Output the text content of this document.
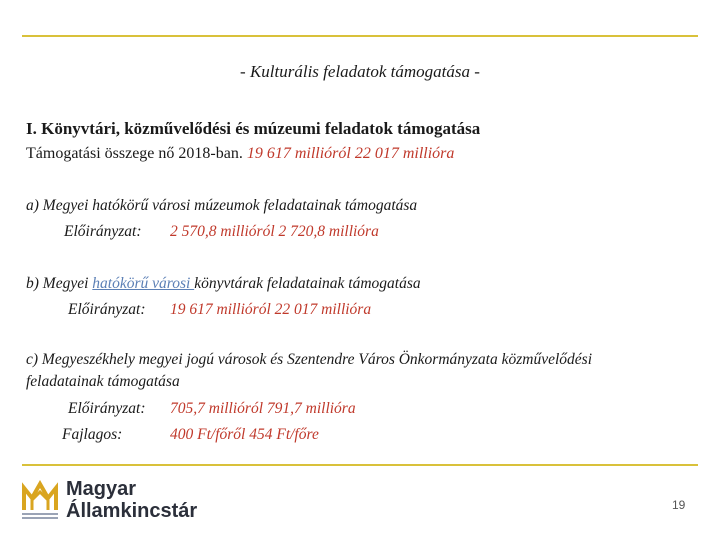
- Kulturális feladatok támogatása -
I. Könyvtári, közművelődési és múzeumi feladatok támogatása
Támogatási összege nő 2018-ban. 19 617 millióról 22 017 millióra
a) Megyei hatókörű városi múzeumok feladatainak támogatása
Előirányzat: 2 570,8 millióról 2 720,8 millióra
b) Megyei hatókörű városi könyvtárak feladatainak támogatása
Előirányzat: 19 617 millióról 22 017 millióra
c) Megyeszékhely megyei jogú városok és Szentendre Város Önkormányzata közművelődési
feladatainak támogatása
Előirányzat: 705,7 millióról 791,7 millióra
Fajlagos:	400 Ft/főről 454 Ft/főre
Magyar
Államkincstár	19
